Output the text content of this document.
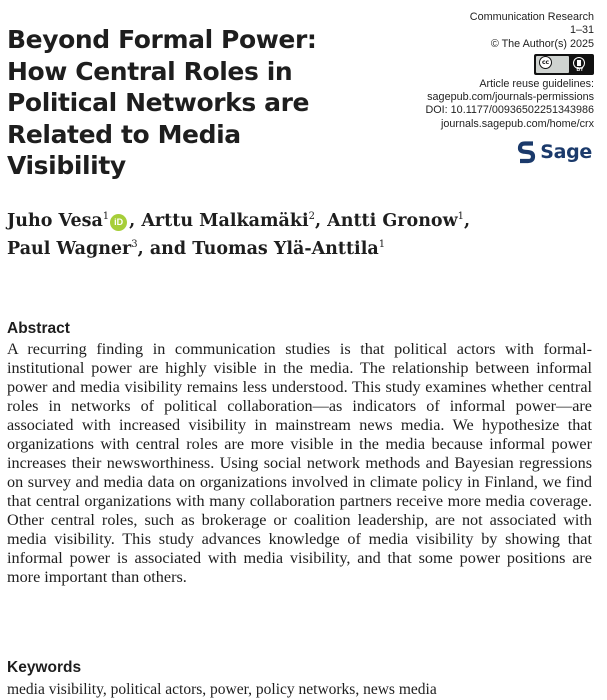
Beyond Formal Power:
How Central Roles in
Political Networks are
Related to Media Visibility
Communication Research
1–31
© The Author(s) 2025
cc
BY
Article reuse guidelines:
sagepub.com/journals-permissions
DOI: 10.1177/00936502251343986
journals.sagepub.com/home/crx
Sage
Juho Vesa$^1$ iD , Arttu Malkamäki$^2$, Antti Gronow$^1$,
Paul Wagner$^3$, and Tuomas Ylä-Anttila$^1$
Abstract

A recurring finding in communication studies is that political actors with formal-institutional power are highly visible in the media. The relationship between informal power and media visibility remains less understood. This study examines whether central roles in networks of political collaboration—as indicators of informal power—are associated with increased visibility in mainstream news media. We hypothesize that organizations with central roles are more visible in the media because informal power increases their newsworthiness. Using social network methods and Bayesian regressions on survey and media data on organizations involved in climate policy in Finland, we find that central organizations with many collaboration partners receive more media coverage. Other central roles, such as brokerage or coalition leadership, are not associated with media visibility. This study advances knowledge of media visibility by showing that informal power is associated with media visibility, and that some power positions are more important than others.

Keywords
media visibility, political actors, power, policy networks, news media
